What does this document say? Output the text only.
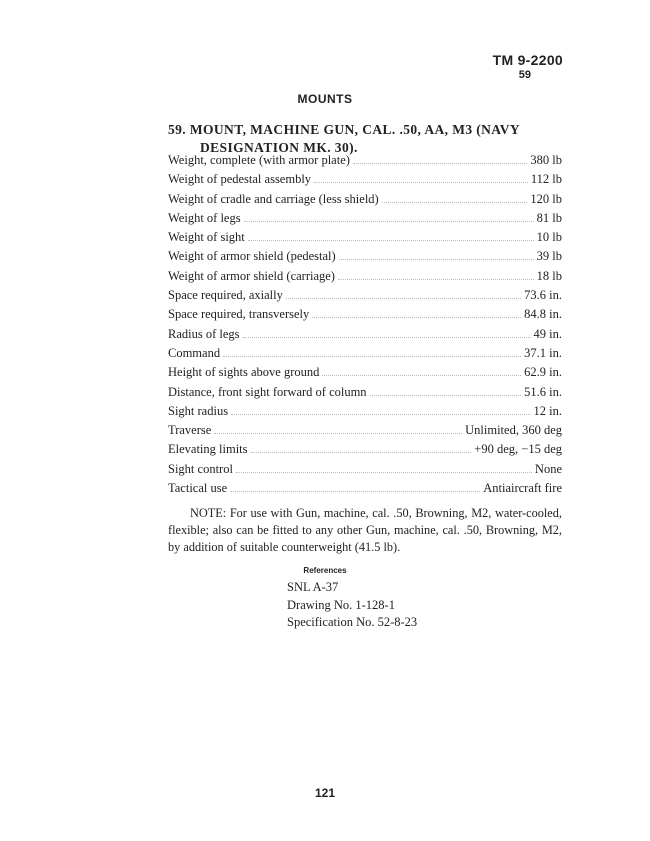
TM 9-2200
59
MOUNTS
59. MOUNT, MACHINE GUN, CAL. .50, AA, M3 (NAVY
DESIGNATION MK. 30).
Weight, complete (with armor plate)	380 lb
Weight of pedestal assembly	112 lb
Weight of cradle and carriage (less shield)	120 lb
Weight of legs	81 lb
Weight of sight	10 lb
Weight of armor shield (pedestal)	39 lb
Weight of armor shield (carriage)	18 lb
Space required, axially	73.6 in.
Space required, transversely	84.8 in.
Radius of legs	49 in.
Command	37.1 in.
Height of sights above ground	62.9 in.
Distance, front sight forward of column	51.6 in.
Sight radius	12 in.
Traverse	Unlimited, 360 deg
Elevating limits	+90 deg, −15 deg
Sight control	None
Tactical use	Antiaircraft fire
NOTE: For use with Gun, machine, cal. .50, Browning, M2, water-cooled, flexible; also can be fitted to any other Gun, machine, cal. .50, Browning, M2, by addition of suitable counterweight (41.5 lb).
References
SNL A-37
Drawing No. 1-128-1
Specification No. 52-8-23
121
